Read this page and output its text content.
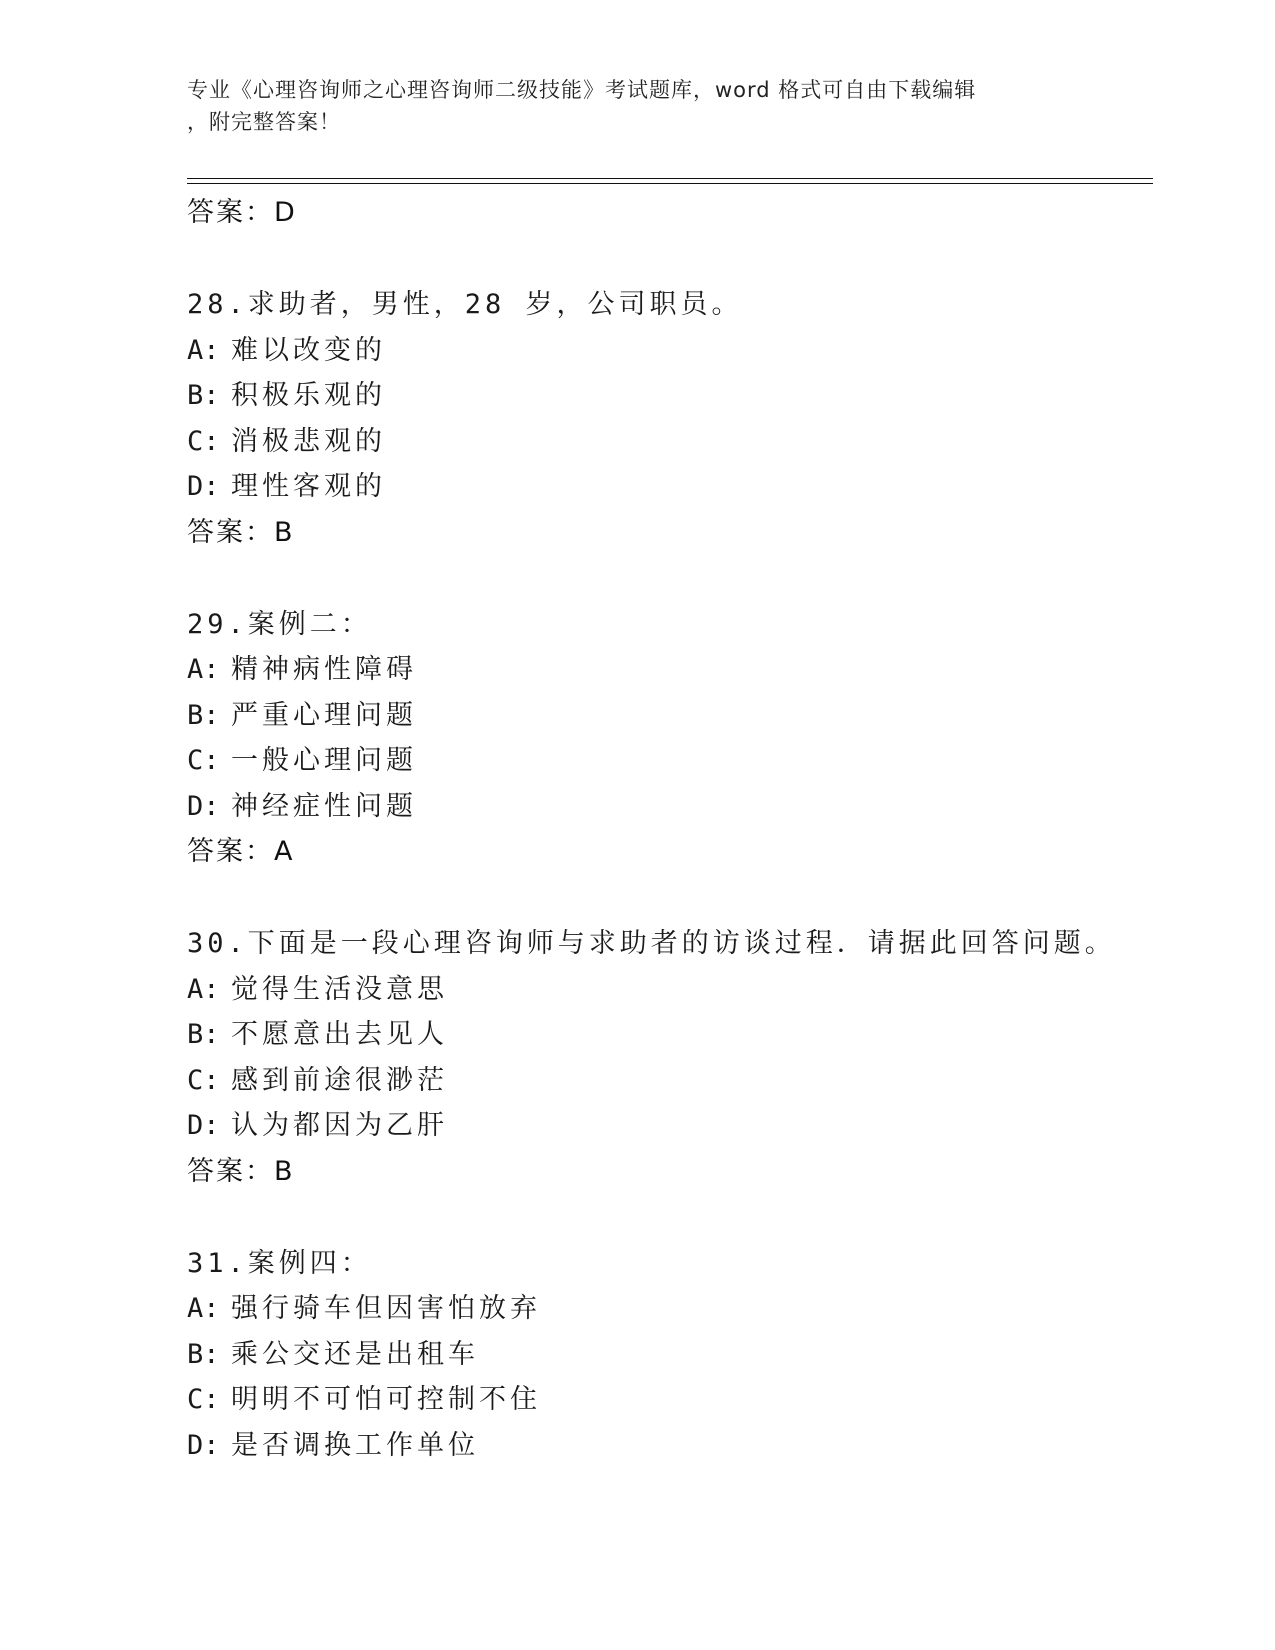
专业《心理咨询师之心理咨询师二级技能》考试题库，word 格式可自由下载编辑
，附完整答案！
答案：D
28.求助者，男性，28 岁，公司职员。
A: 难以改变的
B: 积极乐观的
C: 消极悲观的
D: 理性客观的
答案：B
29.案例二：
A: 精神病性障碍
B: 严重心理问题
C: 一般心理问题
D: 神经症性问题
答案：A
30.下面是一段心理咨询师与求助者的访谈过程．请据此回答问题。
A: 觉得生活没意思
B: 不愿意出去见人
C: 感到前途很渺茫
D: 认为都因为乙肝
答案：B
31.案例四：
A: 强行骑车但因害怕放弃
B: 乘公交还是出租车
C: 明明不可怕可控制不住
D: 是否调换工作单位
